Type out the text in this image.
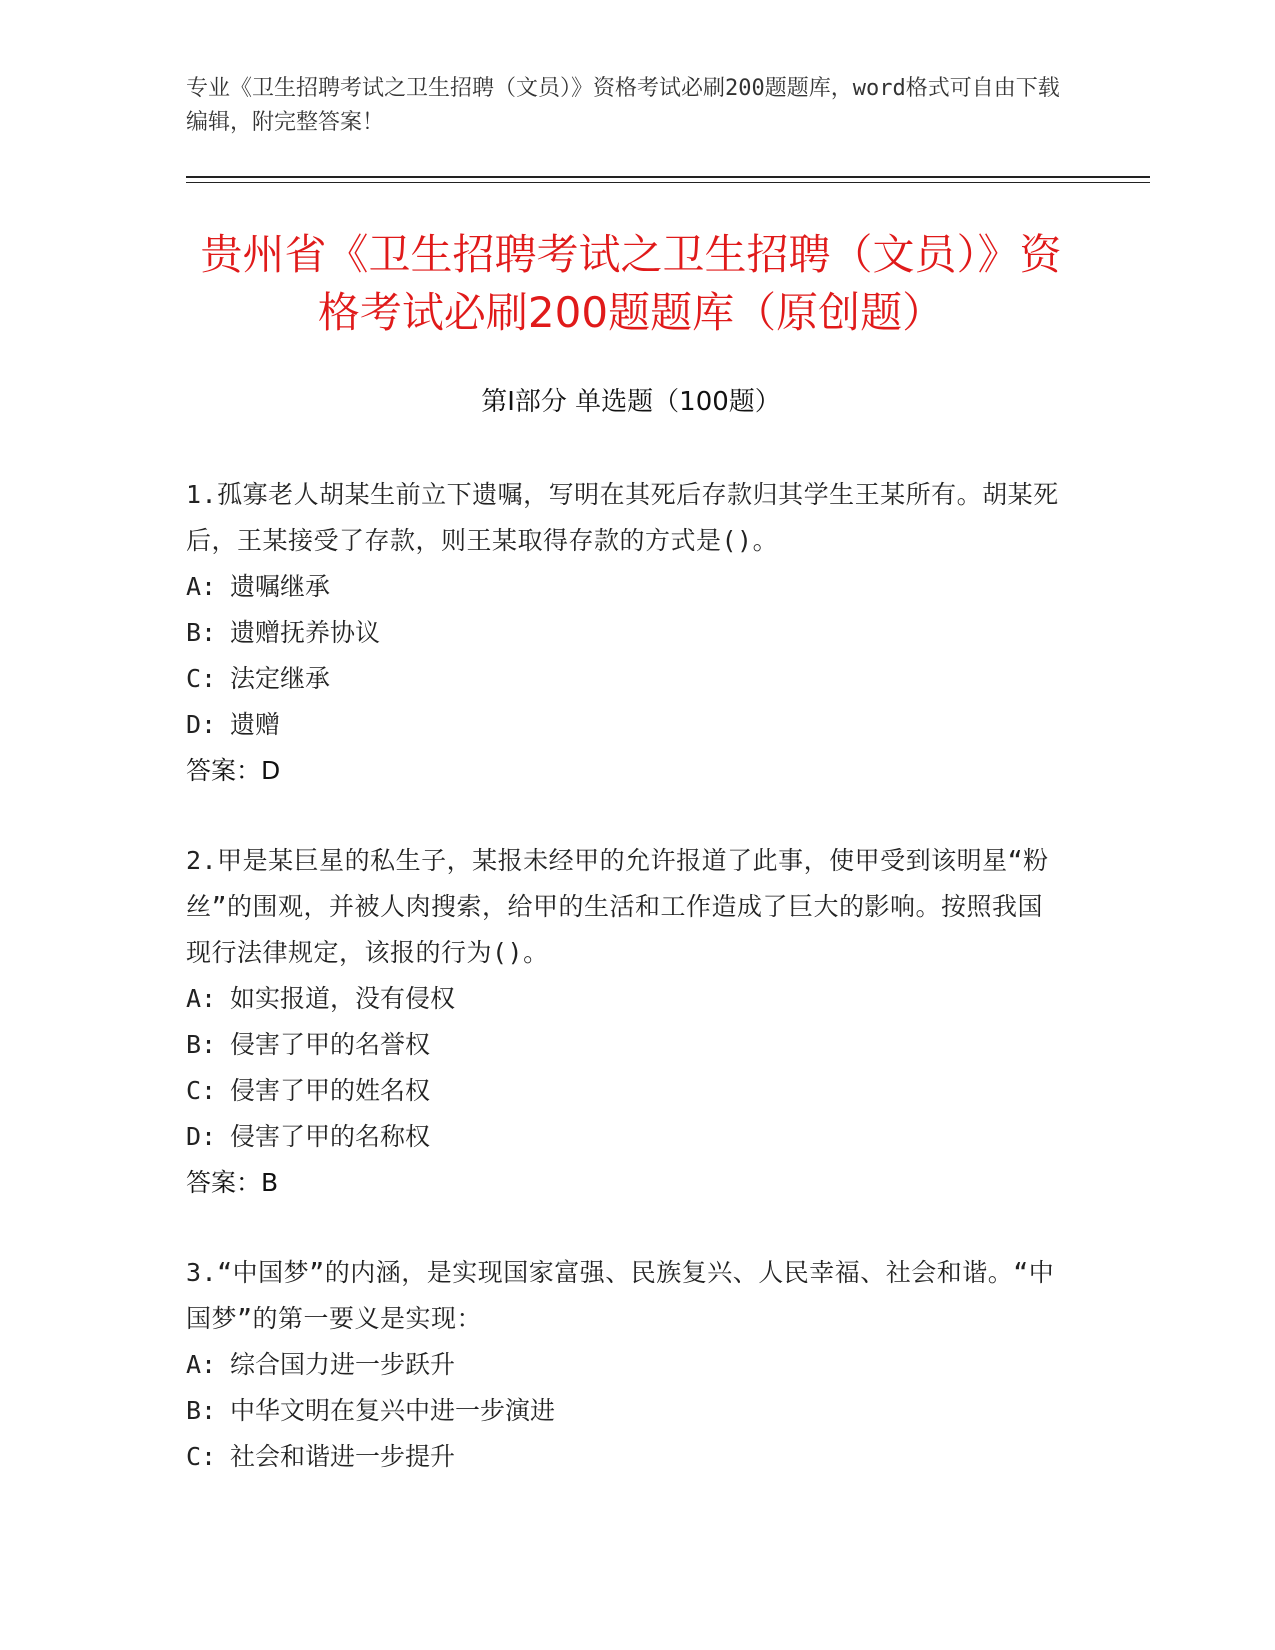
专业《卫生招聘考试之卫生招聘（文员）》资格考试必刷200题题库，word格式可自由下载编辑，附完整答案！
贵州省《卫生招聘考试之卫生招聘（文员）》资格考试必刷200题题库（原创题）
第Ⅰ部分 单选题（100题）
1.孤寡老人胡某生前立下遗嘱，写明在其死后存款归其学生王某所有。胡某死后，王某接受了存款，则王某取得存款的方式是()。
A: 遗嘱继承
B: 遗赠抚养协议
C: 法定继承
D: 遗赠
答案：D
2.甲是某巨星的私生子，某报未经甲的允许报道了此事，使甲受到该明星“粉丝”的围观，并被人肉搜索，给甲的生活和工作造成了巨大的影响。按照我国现行法律规定，该报的行为()。
A: 如实报道，没有侵权
B: 侵害了甲的名誉权
C: 侵害了甲的姓名权
D: 侵害了甲的名称权
答案：B
3.“中国梦”的内涵，是实现国家富强、民族复兴、人民幸福、社会和谐。“中国梦”的第一要义是实现：
A: 综合国力进一步跃升
B: 中华文明在复兴中进一步演进
C: 社会和谐进一步提升
